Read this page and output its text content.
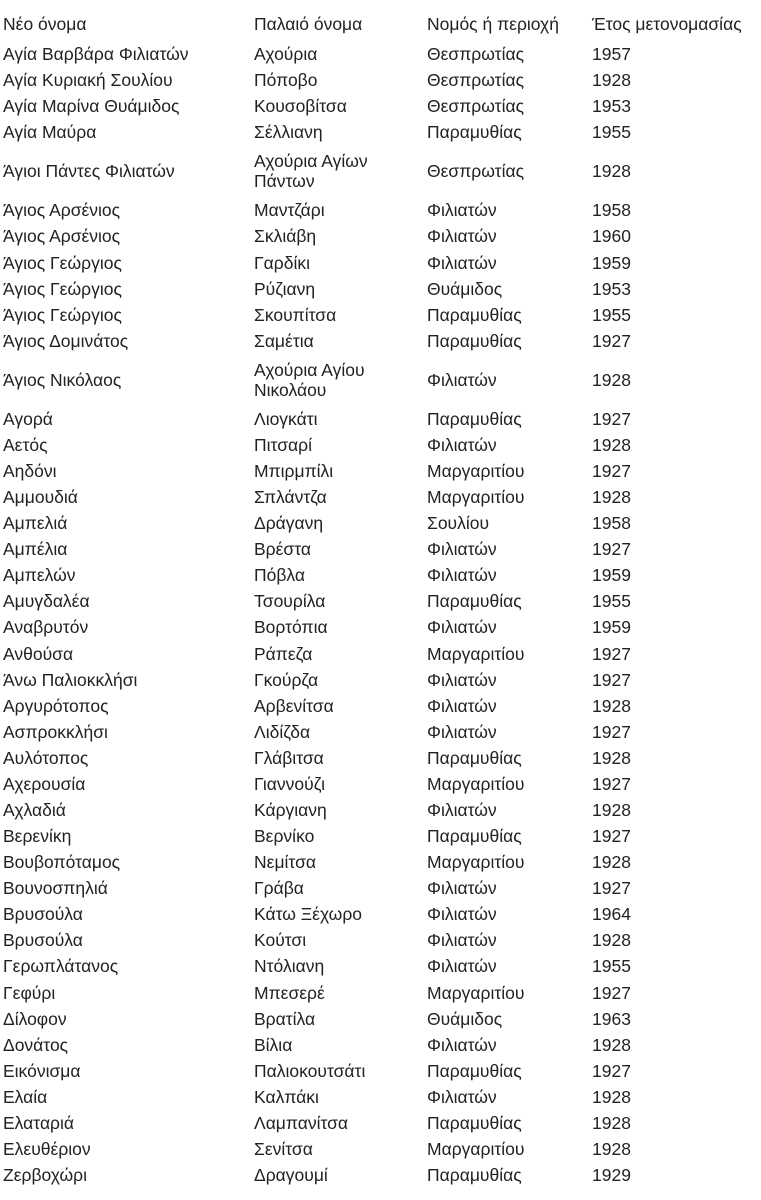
Νέο όνομα	Παλαιό όνομα	Νομός ή περιοχή	Έτος μετονομασίας
Αγία Βαρβάρα Φιλιατών	Αχούρια	Θεσπρωτίας	1957
Αγία Κυριακή Σουλίου	Πόποβο	Θεσπρωτίας	1928
Αγία Μαρίνα Θυάμιδος	Κουσοβίτσα	Θεσπρωτίας	1953
Αγία Μαύρα	Σέλλιανη	Παραμυθίας	1955
Άγιοι Πάντες Φιλιατών	Αχούρια Αγίων Πάντων	Θεσπρωτίας	1928
Άγιος Αρσένιος	Μαντζάρι	Φιλιατών	1958
Άγιος Αρσένιος	Σκλιάβη	Φιλιατών	1960
Άγιος Γεώργιος	Γαρδίκι	Φιλιατών	1959
Άγιος Γεώργιος	Ρύζιανη	Θυάμιδος	1953
Άγιος Γεώργιος	Σκουπίτσα	Παραμυθίας	1955
Άγιος Δομινάτος	Σαμέτια	Παραμυθίας	1927
Άγιος Νικόλαος	Αχούρια Αγίου Νικολάου	Φιλιατών	1928
Αγορά	Λιογκάτι	Παραμυθίας	1927
Αετός	Πιτσαρί	Φιλιατών	1928
Αηδόνι	Μπιρμπίλι	Μαργαριτίου	1927
Αμμουδιά	Σπλάντζα	Μαργαριτίου	1928
Αμπελιά	Δράγανη	Σουλίου	1958
Αμπέλια	Βρέστα	Φιλιατών	1927
Αμπελών	Πόβλα	Φιλιατών	1959
Αμυγδαλέα	Τσουρίλα	Παραμυθίας	1955
Αναβρυτόν	Βορτόπια	Φιλιατών	1959
Ανθούσα	Ράπεζα	Μαργαριτίου	1927
Άνω Παλιοκκλήσι	Γκούρζα	Φιλιατών	1927
Αργυρότοπος	Αρβενίτσα	Φιλιατών	1928
Ασπροκκλήσι	Λιδίζδα	Φιλιατών	1927
Αυλότοπος	Γλάβιτσα	Παραμυθίας	1928
Αχερουσία	Γιαννούζι	Μαργαριτίου	1927
Αχλαδιά	Κάργιανη	Φιλιατών	1928
Βερενίκη	Βερνίκο	Παραμυθίας	1927
Βουβοπόταμος	Νεμίτσα	Μαργαριτίου	1928
Βουνοσπηλιά	Γράβα	Φιλιατών	1927
Βρυσούλα	Κάτω Ξέχωρο	Φιλιατών	1964
Βρυσούλα	Κούτσι	Φιλιατών	1928
Γερωπλάτανος	Ντόλιανη	Φιλιατών	1955
Γεφύρι	Μπεσερέ	Μαργαριτίου	1927
Δίλοφον	Βρατίλα	Θυάμιδος	1963
Δονάτος	Βίλια	Φιλιατών	1928
Εικόνισμα	Παλιοκουτσάτι	Παραμυθίας	1927
Ελαία	Καλπάκι	Φιλιατών	1928
Ελαταριά	Λαμπανίτσα	Παραμυθίας	1928
Ελευθέριον	Σενίτσα	Μαργαριτίου	1928
Ζερβοχώρι	Δραγουμί	Παραμυθίας	1929
